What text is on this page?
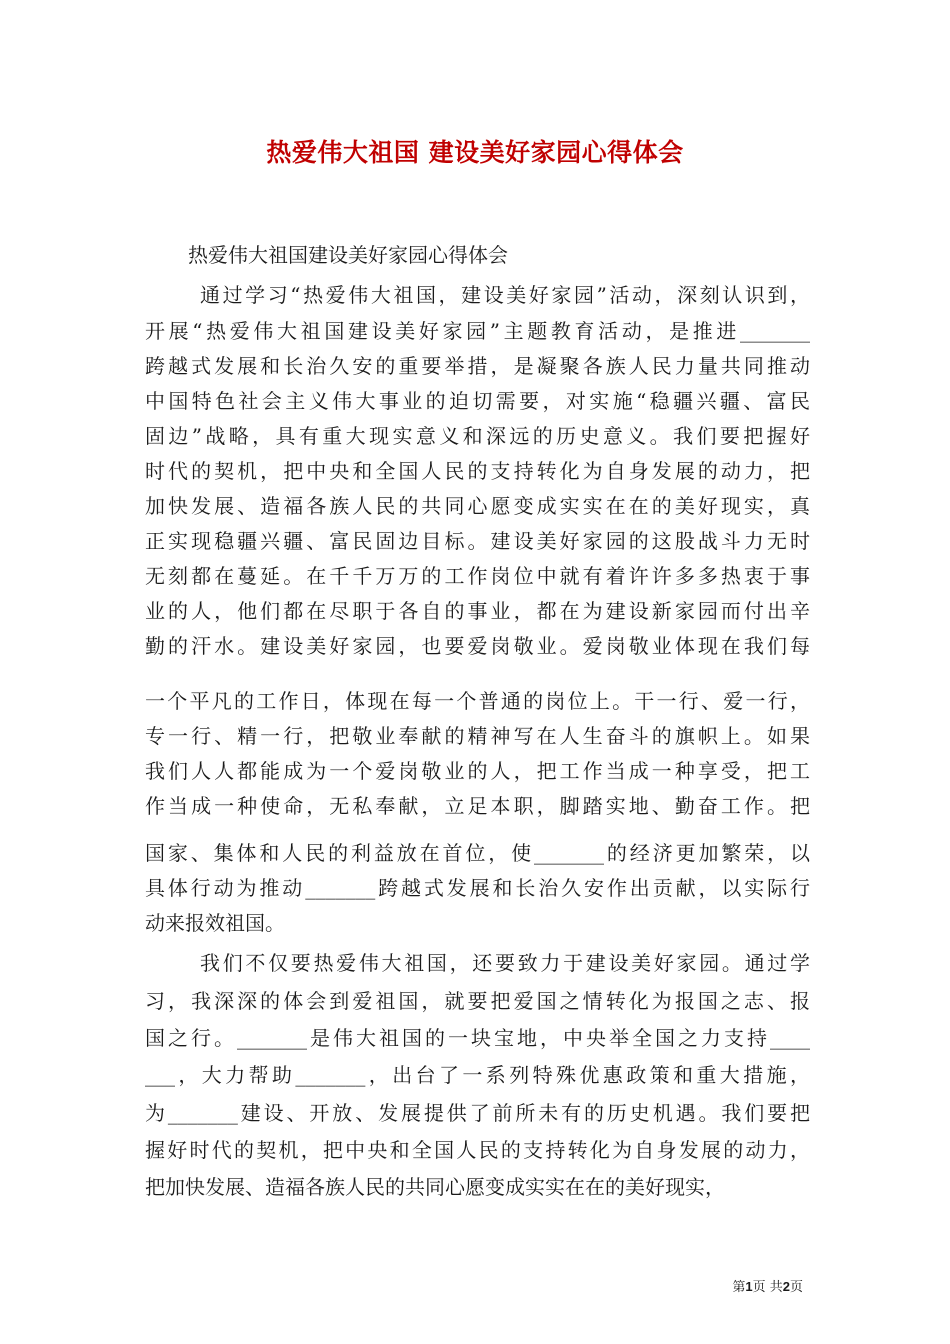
热爱伟大祖国 建设美好家园心得体会

热爱伟大祖国建设美好家园心得体会

通过学习“热爱伟大祖国，建设美好家园”活动，深刻认识到，

开展“热爱伟大祖国建设美好家园”主题教育活动，是推进_______

跨越式发展和长治久安的重要举措，是凝聚各族人民力量共同推动

中国特色社会主义伟大事业的迫切需要，对实施“稳疆兴疆、富民

固边”战略，具有重大现实意义和深远的历史意义。我们要把握好

时代的契机，把中央和全国人民的支持转化为自身发展的动力，把

加快发展、造福各族人民的共同心愿变成实实在在的美好现实，真

正实现稳疆兴疆、富民固边目标。建设美好家园的这股战斗力无时

无刻都在蔓延。在千千万万的工作岗位中就有着许许多多热衷于事

业的人，他们都在尽职于各自的事业，都在为建设新家园而付出辛

勤的汗水。建设美好家园，也要爱岗敬业。爱岗敬业体现在我们每

一个平凡的工作日，体现在每一个普通的岗位上。干一行、爱一行，

专一行、精一行，把敬业奉献的精神写在人生奋斗的旗帜上。如果

我们人人都能成为一个爱岗敬业的人，把工作当成一种享受，把工

作当成一种使命，无私奉献，立足本职，脚踏实地、勤奋工作。把

国家、集体和人民的利益放在首位，使_______的经济更加繁荣，以

具体行动为推动_______跨越式发展和长治久安作出贡献，以实际行

动来报效祖国。

我们不仅要热爱伟大祖国，还要致力于建设美好家园。通过学

习，我深深的体会到爱祖国，就要把爱国之情转化为报国之志、报

国之行。_______是伟大祖国的一块宝地，中央举全国之力支持____

___，大力帮助_______，出台了一系列特殊优惠政策和重大措施，

为_______建设、开放、发展提供了前所未有的历史机遇。我们要把

握好时代的契机，把中央和全国人民的支持转化为自身发展的动力，

把加快发展、造福各族人民的共同心愿变成实实在在的美好现实，

第1页 共2页
